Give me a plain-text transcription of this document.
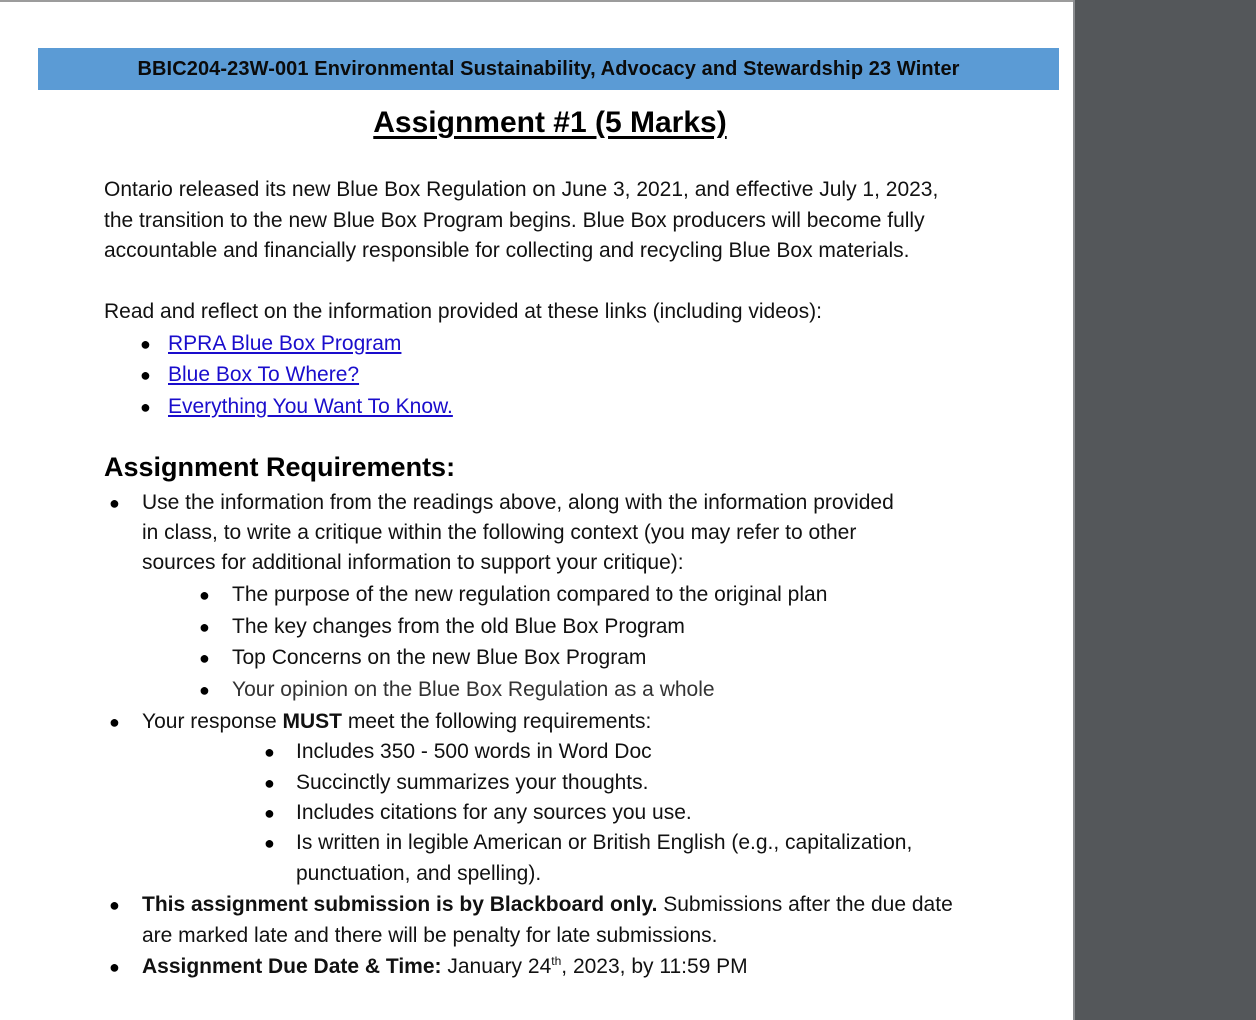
BBIC204-23W-001 Environmental Sustainability, Advocacy and Stewardship 23 Winter
Assignment #1 (5 Marks)
Ontario released its new Blue Box Regulation on June 3, 2021, and effective July 1, 2023,
the transition to the new Blue Box Program begins. Blue Box producers will become fully
accountable and financially responsible for collecting and recycling Blue Box materials.
Read and reflect on the information provided at these links (including videos):
● RPRA Blue Box Program
● Blue Box To Where?
● Everything You Want To Know.
Assignment Requirements:
● Use the information from the readings above, along with the information provided
in class, to write a critique within the following context (you may refer to other
sources for additional information to support your critique):
● The purpose of the new regulation compared to the original plan
● The key changes from the old Blue Box Program
● Top Concerns on the new Blue Box Program
● Your opinion on the Blue Box Regulation as a whole
● Your response MUST meet the following requirements:
● Includes 350 - 500 words in Word Doc
● Succinctly summarizes your thoughts.
● Includes citations for any sources you use.
● Is written in legible American or British English (e.g., capitalization,
punctuation, and spelling).
● This assignment submission is by Blackboard only. Submissions after the due date
are marked late and there will be penalty for late submissions.
● Assignment Due Date & Time: January 24th, 2023, by 11:59 PM
